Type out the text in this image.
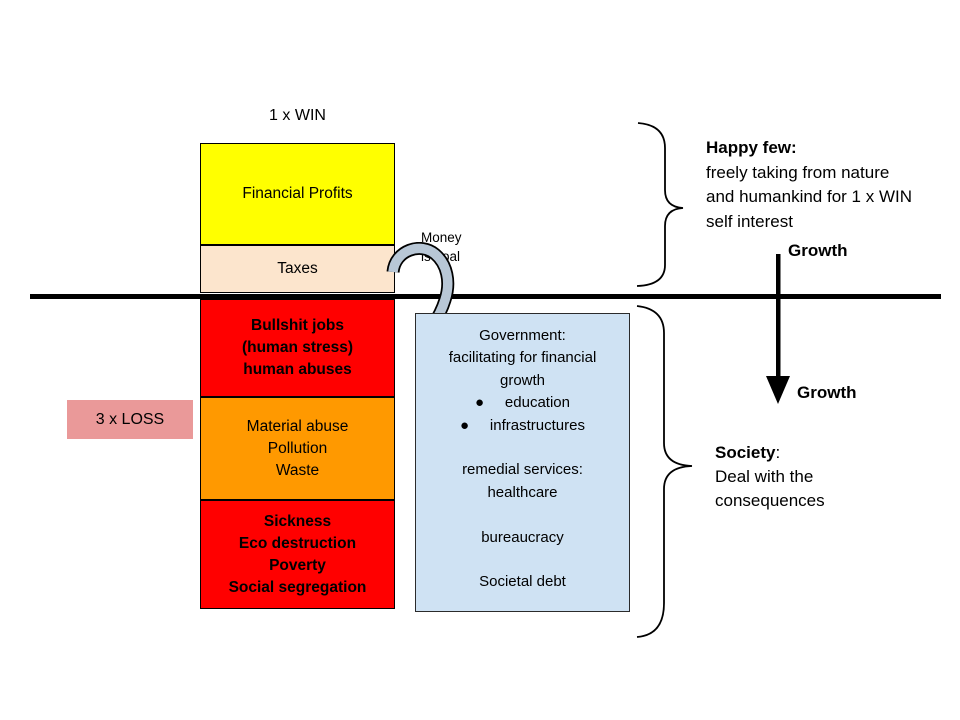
1 x WIN
Financial Profits
Taxes
Bullshit jobs
(human stress)
human abuses
Material abuse
Pollution
Waste
Sickness
Eco destruction
Poverty
Social segregation
3 x LOSS
Money
is goal
Government:
facilitating for financial
growth
●     education
●     infrastructures
remedial services:
healthcare
bureaucracy
Societal debt
Happy few:
freely taking from nature
and humankind for 1 x WIN
self interest
Growth
Growth
Society:
Deal with the
consequences
